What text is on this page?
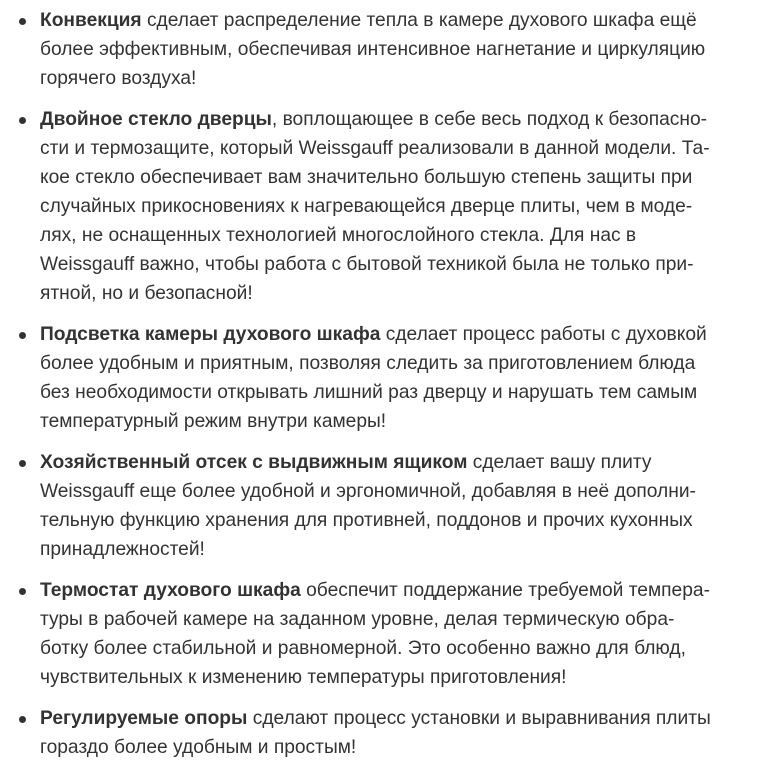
Конвекция сделает распределение тепла в камере духового шкафа ещё
более эффективным, обеспечивая интенсивное нагнетание и циркуляцию
горячего воздуха!
Двойное стекло дверцы, воплощающее в себе весь подход к безопасно-
сти и термозащите, который Weissgauff реализовали в данной модели. Та-
кое стекло обеспечивает вам значительно большую степень защиты при
случайных прикосновениях к нагревающейся дверце плиты, чем в моде-
лях, не оснащенных технологией многослойного стекла. Для нас в
Weissgauff важно, чтобы работа с бытовой техникой была не только при-
ятной, но и безопасной!
Подсветка камеры духового шкафа сделает процесс работы с духовкой
более удобным и приятным, позволяя следить за приготовлением блюда
без необходимости открывать лишний раз дверцу и нарушать тем самым
температурный режим внутри камеры!
Хозяйственный отсек с выдвижным ящиком сделает вашу плиту
Weissgauff еще более удобной и эргономичной, добавляя в неё дополни-
тельную функцию хранения для противней, поддонов и прочих кухонных
принадлежностей!
Термостат духового шкафа обеспечит поддержание требуемой темпера-
туры в рабочей камере на заданном уровне, делая термическую обра-
ботку более стабильной и равномерной. Это особенно важно для блюд,
чувствительных к изменению температуры приготовления!
Регулируемые опоры сделают процесс установки и выравнивания плиты
гораздо более удобным и простым!
